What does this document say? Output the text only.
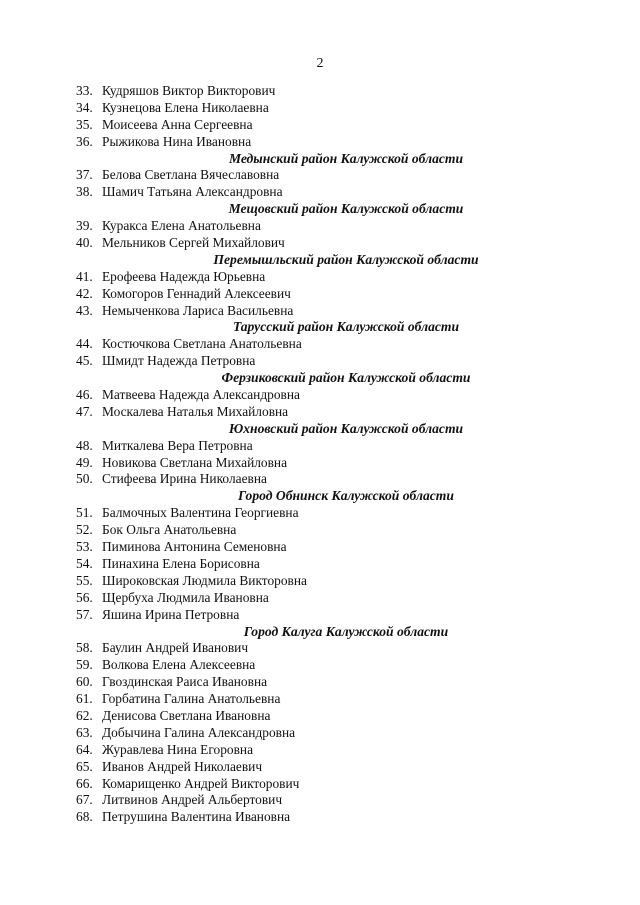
2
33. Кудряшов Виктор Викторович
34. Кузнецова Елена Николаевна
35. Моисеева Анна Сергеевна
36. Рыжикова Нина Ивановна
Медынский район Калужской области
37. Белова Светлана Вячеславовна
38. Шамич Татьяна Александровна
Мещовский район Калужской области
39. Куракса Елена Анатольевна
40. Мельников Сергей Михайлович
Перемышльский район Калужской области
41. Ерофеева Надежда Юрьевна
42. Комогоров Геннадий Алексеевич
43. Немыченкова Лариса Васильевна
Тарусский район Калужской области
44. Костючкова Светлана Анатольевна
45. Шмидт Надежда Петровна
Ферзиковский район Калужской области
46. Матвеева Надежда Александровна
47. Москалева Наталья Михайловна
Юхновский район Калужской области
48. Миткалева Вера Петровна
49. Новикова Светлана Михайловна
50. Стифеева Ирина Николаевна
Город Обнинск Калужской области
51. Балмочных Валентина Георгиевна
52. Бок Ольга Анатольевна
53. Пиминова Антонина Семеновна
54. Пинахина Елена Борисовна
55. Широковская Людмила Викторовна
56. Щербуха Людмила Ивановна
57. Яшина Ирина Петровна
Город Калуга Калужской области
58. Баулин Андрей Иванович
59. Волкова Елена Алексеевна
60. Гвоздинская Раиса Ивановна
61. Горбатина Галина Анатольевна
62. Денисова Светлана Ивановна
63. Добычина Галина Александровна
64. Журавлева Нина Егоровна
65. Иванов Андрей Николаевич
66. Комарищенко Андрей Викторович
67. Литвинов Андрей Альбертович
68. Петрушина Валентина Ивановна
